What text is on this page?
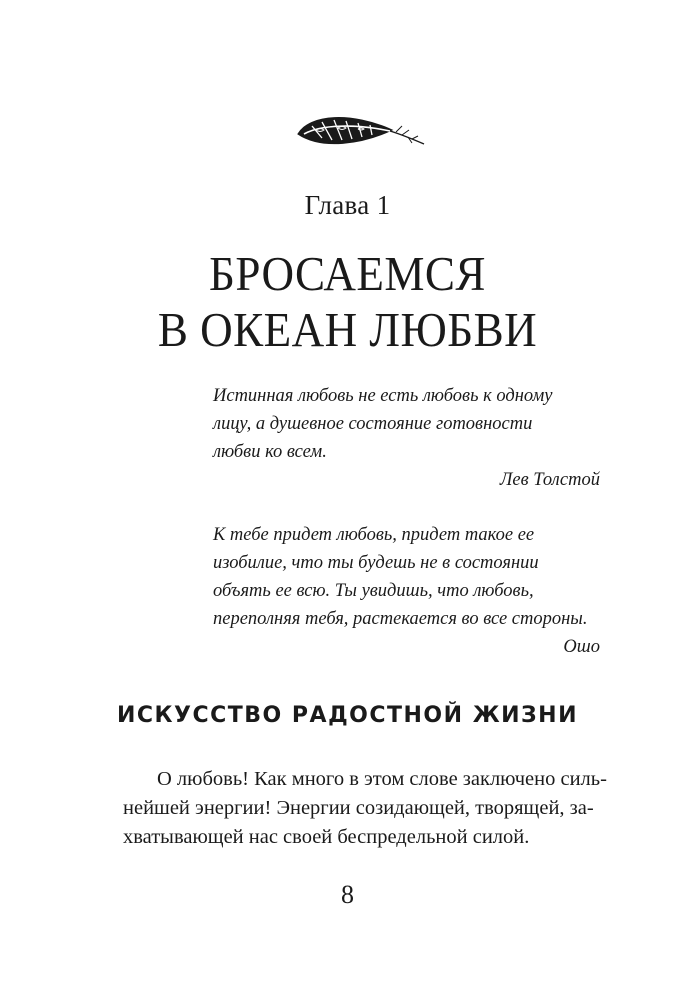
Глава 1
БРОСАЕМСЯ
В ОКЕАН ЛЮБВИ

Истинная любовь не есть любовь к одному

лицу, а душевное состояние готовности

любви ко всем.

Лев Толстой

К тебе придет любовь, придет такое ее

изобилие, что ты будешь не в состоянии

объять ее всю. Ты увидишь, что любовь,

переполняя тебя, растекается во все стороны.

Ошо

ИСКУССТВО РАДОСТНОЙ ЖИЗНИ
О любовь! Как много в этом слове заключено силь-
нейшей энергии! Энергии созидающей, творящей, за-
хватывающей нас своей беспредельной силой.
8
